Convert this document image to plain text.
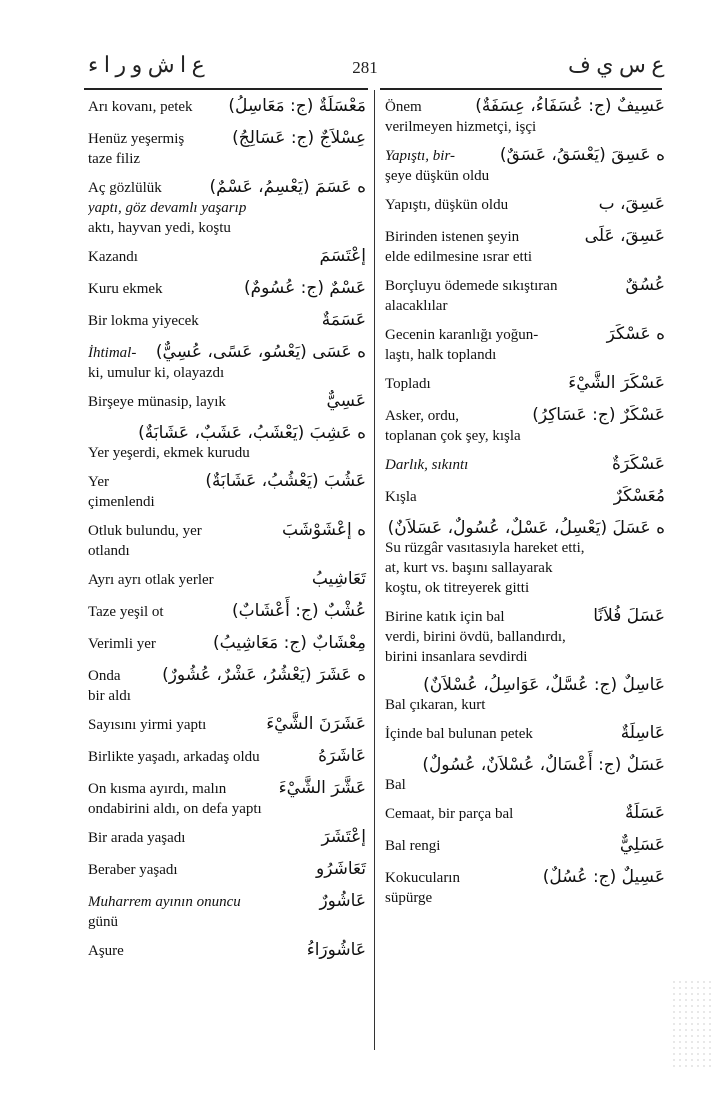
ع ا ش و ر ا ء	281	ع س ي ف
Arı kovanı, petek مَعْسَلَةٌ (ج: مَعَاسِلُ)
Henüz yeşermiş	عِسْلاَجٌ (ج: عَسَالِجُ)
taze filiz
Aç gözlülük	ه عَسَمَ (يَعْسِمُ، عَسْمٌ)
yaptı, göz devamlı yaşarıp
aktı, hayvan yedi, koştu
Kazandı	إعْتَسَمَ
Kuru ekmek	عَسْمٌ (ج: عُسُومٌ)
Bir lokma yiyecek	عَسَمَةٌ
İhtimal- ه عَسَى (يَعْسُو، عَسًى، عُسِيٌّ)
ki, umulur ki, olayazdı
Birşeye münasip, layık	عَسِيٌّ
ه عَشِبَ (يَعْشَبُ، عَشَبٌ، عَشَابَةٌ)
Yer yeşerdi, ekmek kurudu
Yer	عَشُبَ (يَعْشُبُ، عَشَابَةٌ)
çimenlendi
Otluk bulundu, yer	ه إعْشَوْشَبَ
otlandı
Ayrı ayrı otlak yerler	تَعَاشِيبُ
Taze yeşil ot	عُشْبٌ (ج: أَعْشَابٌ)
Verimli yer	مِعْشَابٌ (ج: مَعَاشِيبُ)
Onda ه عَشَرَ (يَعْشُرُ، عَشْرٌ، عُشُورٌ)
bir aldı
Sayısını yirmi yaptı	عَشَرَنَ الشَّيْءَ
Birlikte yaşadı, arkadaş oldu	عَاشَرَهُ
On kısma ayırdı, malın	عَشَّرَ الشَّيْءَ
ondabirini aldı, on defa yaptı
Bir arada yaşadı	إعْتَشَرَ
Beraber yaşadı	تَعَاشَرُو
Muharrem ayının onuncu	عَاشُورٌ
günü
Aşure	عَاشُورَاءُ
Önem	عَسِيفٌ (ج: عُسَفَاءُ، عِسَفَةٌ)
verilmeyen hizmetçi, işçi
Yapıştı, bir-	ه عَسِقَ (يَعْسَقُ، عَسَقٌ)
şeye düşkün oldu
Yapıştı, düşkün oldu	عَسِقَ، ب
Birinden istenen şeyin	عَسِقَ، عَلَى
elde edilmesine ısrar etti
Borçluyu ödemede sıkıştıran	عُسُقٌ
alacaklılar
Gecenin karanlığı yoğun-	ه عَسْكَرَ
laştı, halk toplandı
Topladı	عَسْكَرَ الشَّيْءَ
Asker, ordu,	عَسْكَرٌ (ج: عَسَاكِرُ)
toplanan çok şey, kışla
Darlık, sıkıntı	عَسْكَرَةٌ
Kışla	مُعَسْكَرٌ
ه عَسَلَ (يَعْسِلُ، عَسْلٌ، عُسُولٌ، عَسَلاَنٌ)
Su rüzgâr vasıtasıyla hareket etti,
at, kurt vs. başını sallayarak
koştu, ok titreyerek gitti
Birine katık için bal	عَسَلَ فُلاَنًا
verdi, birini övdü, ballandırdı,
birini insanlara sevdirdi
عَاسِلٌ (ج: عُسَّلٌ، عَوَاسِلُ، عُسْلاَنٌ)
Bal çıkaran, kurt
İçinde bal bulunan petek	عَاسِلَةٌ
عَسَلٌ (ج: أَعْسَالٌ، عُسْلاَنٌ، عُسُولٌ)
Bal
Cemaat, bir parça bal	عَسَلَةٌ
Bal rengi	عَسَلِيٌّ
Kokucuların	عَسِيلٌ (ج: عُسُلٌ)
süpürge
